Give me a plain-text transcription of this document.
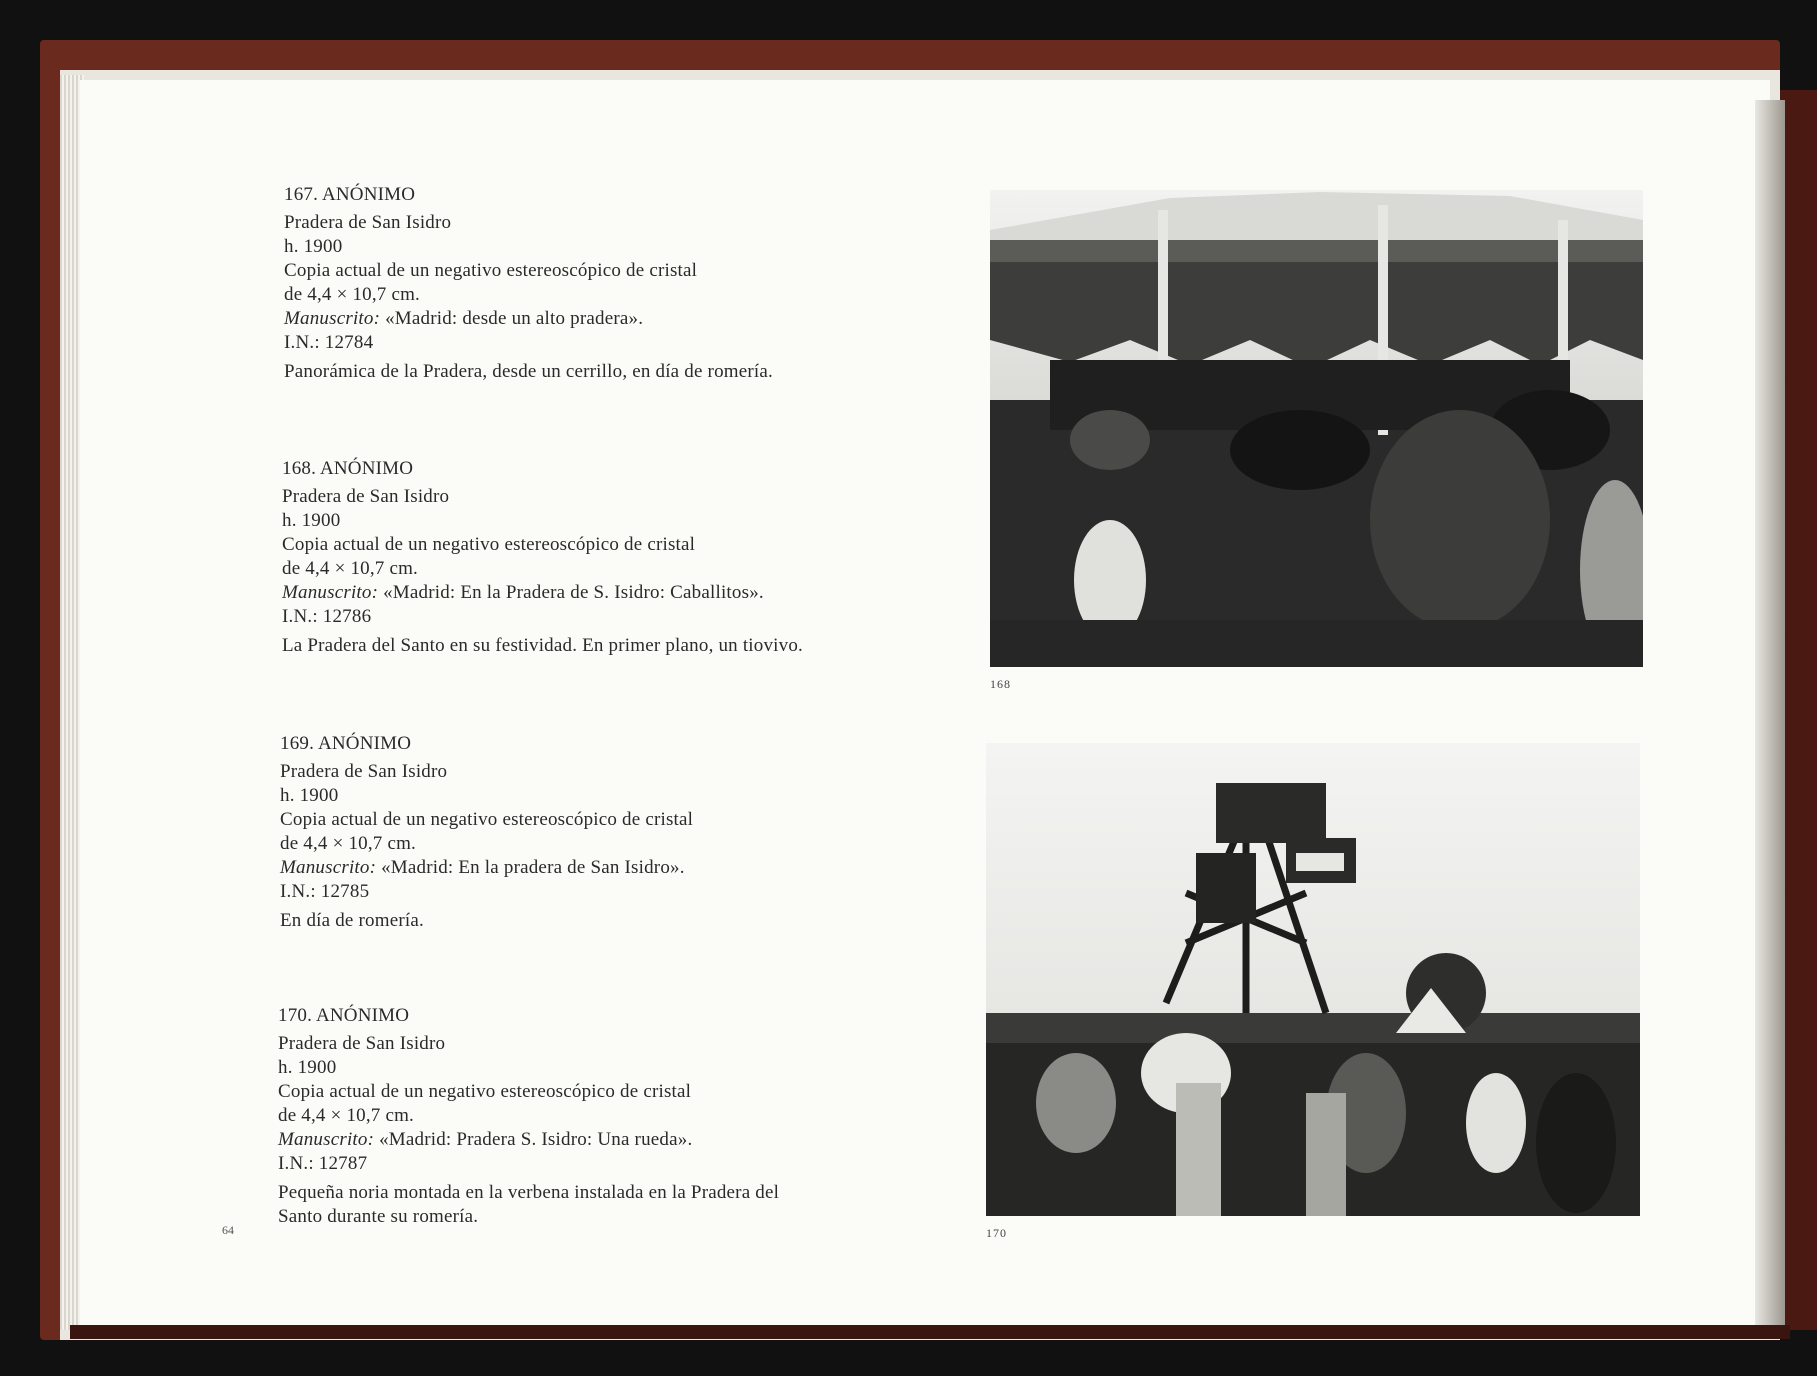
167. ANÓNIMO
Pradera de San Isidro
h. 1900
Copia actual de un negativo estereoscópico de cristal
de 4,4 × 10,7 cm.
Manuscrito: «Madrid: desde un alto pradera».
I.N.: 12784
Panorámica de la Pradera, desde un cerrillo, en día de romería.
168. ANÓNIMO
Pradera de San Isidro
h. 1900
Copia actual de un negativo estereoscópico de cristal
de 4,4 × 10,7 cm.
Manuscrito: «Madrid: En la Pradera de S. Isidro: Caballitos».
I.N.: 12786
La Pradera del Santo en su festividad. En primer plano, un tiovivo.
169. ANÓNIMO
Pradera de San Isidro
h. 1900
Copia actual de un negativo estereoscópico de cristal
de 4,4 × 10,7 cm.
Manuscrito: «Madrid: En la pradera de San Isidro».
I.N.: 12785
En día de romería.
170. ANÓNIMO
Pradera de San Isidro
h. 1900
Copia actual de un negativo estereoscópico de cristal
de 4,4 × 10,7 cm.
Manuscrito: «Madrid: Pradera S. Isidro: Una rueda».
I.N.: 12787
Pequeña noria montada en la verbena instalada en la Pradera del
Santo durante su romería.
64
168
170
